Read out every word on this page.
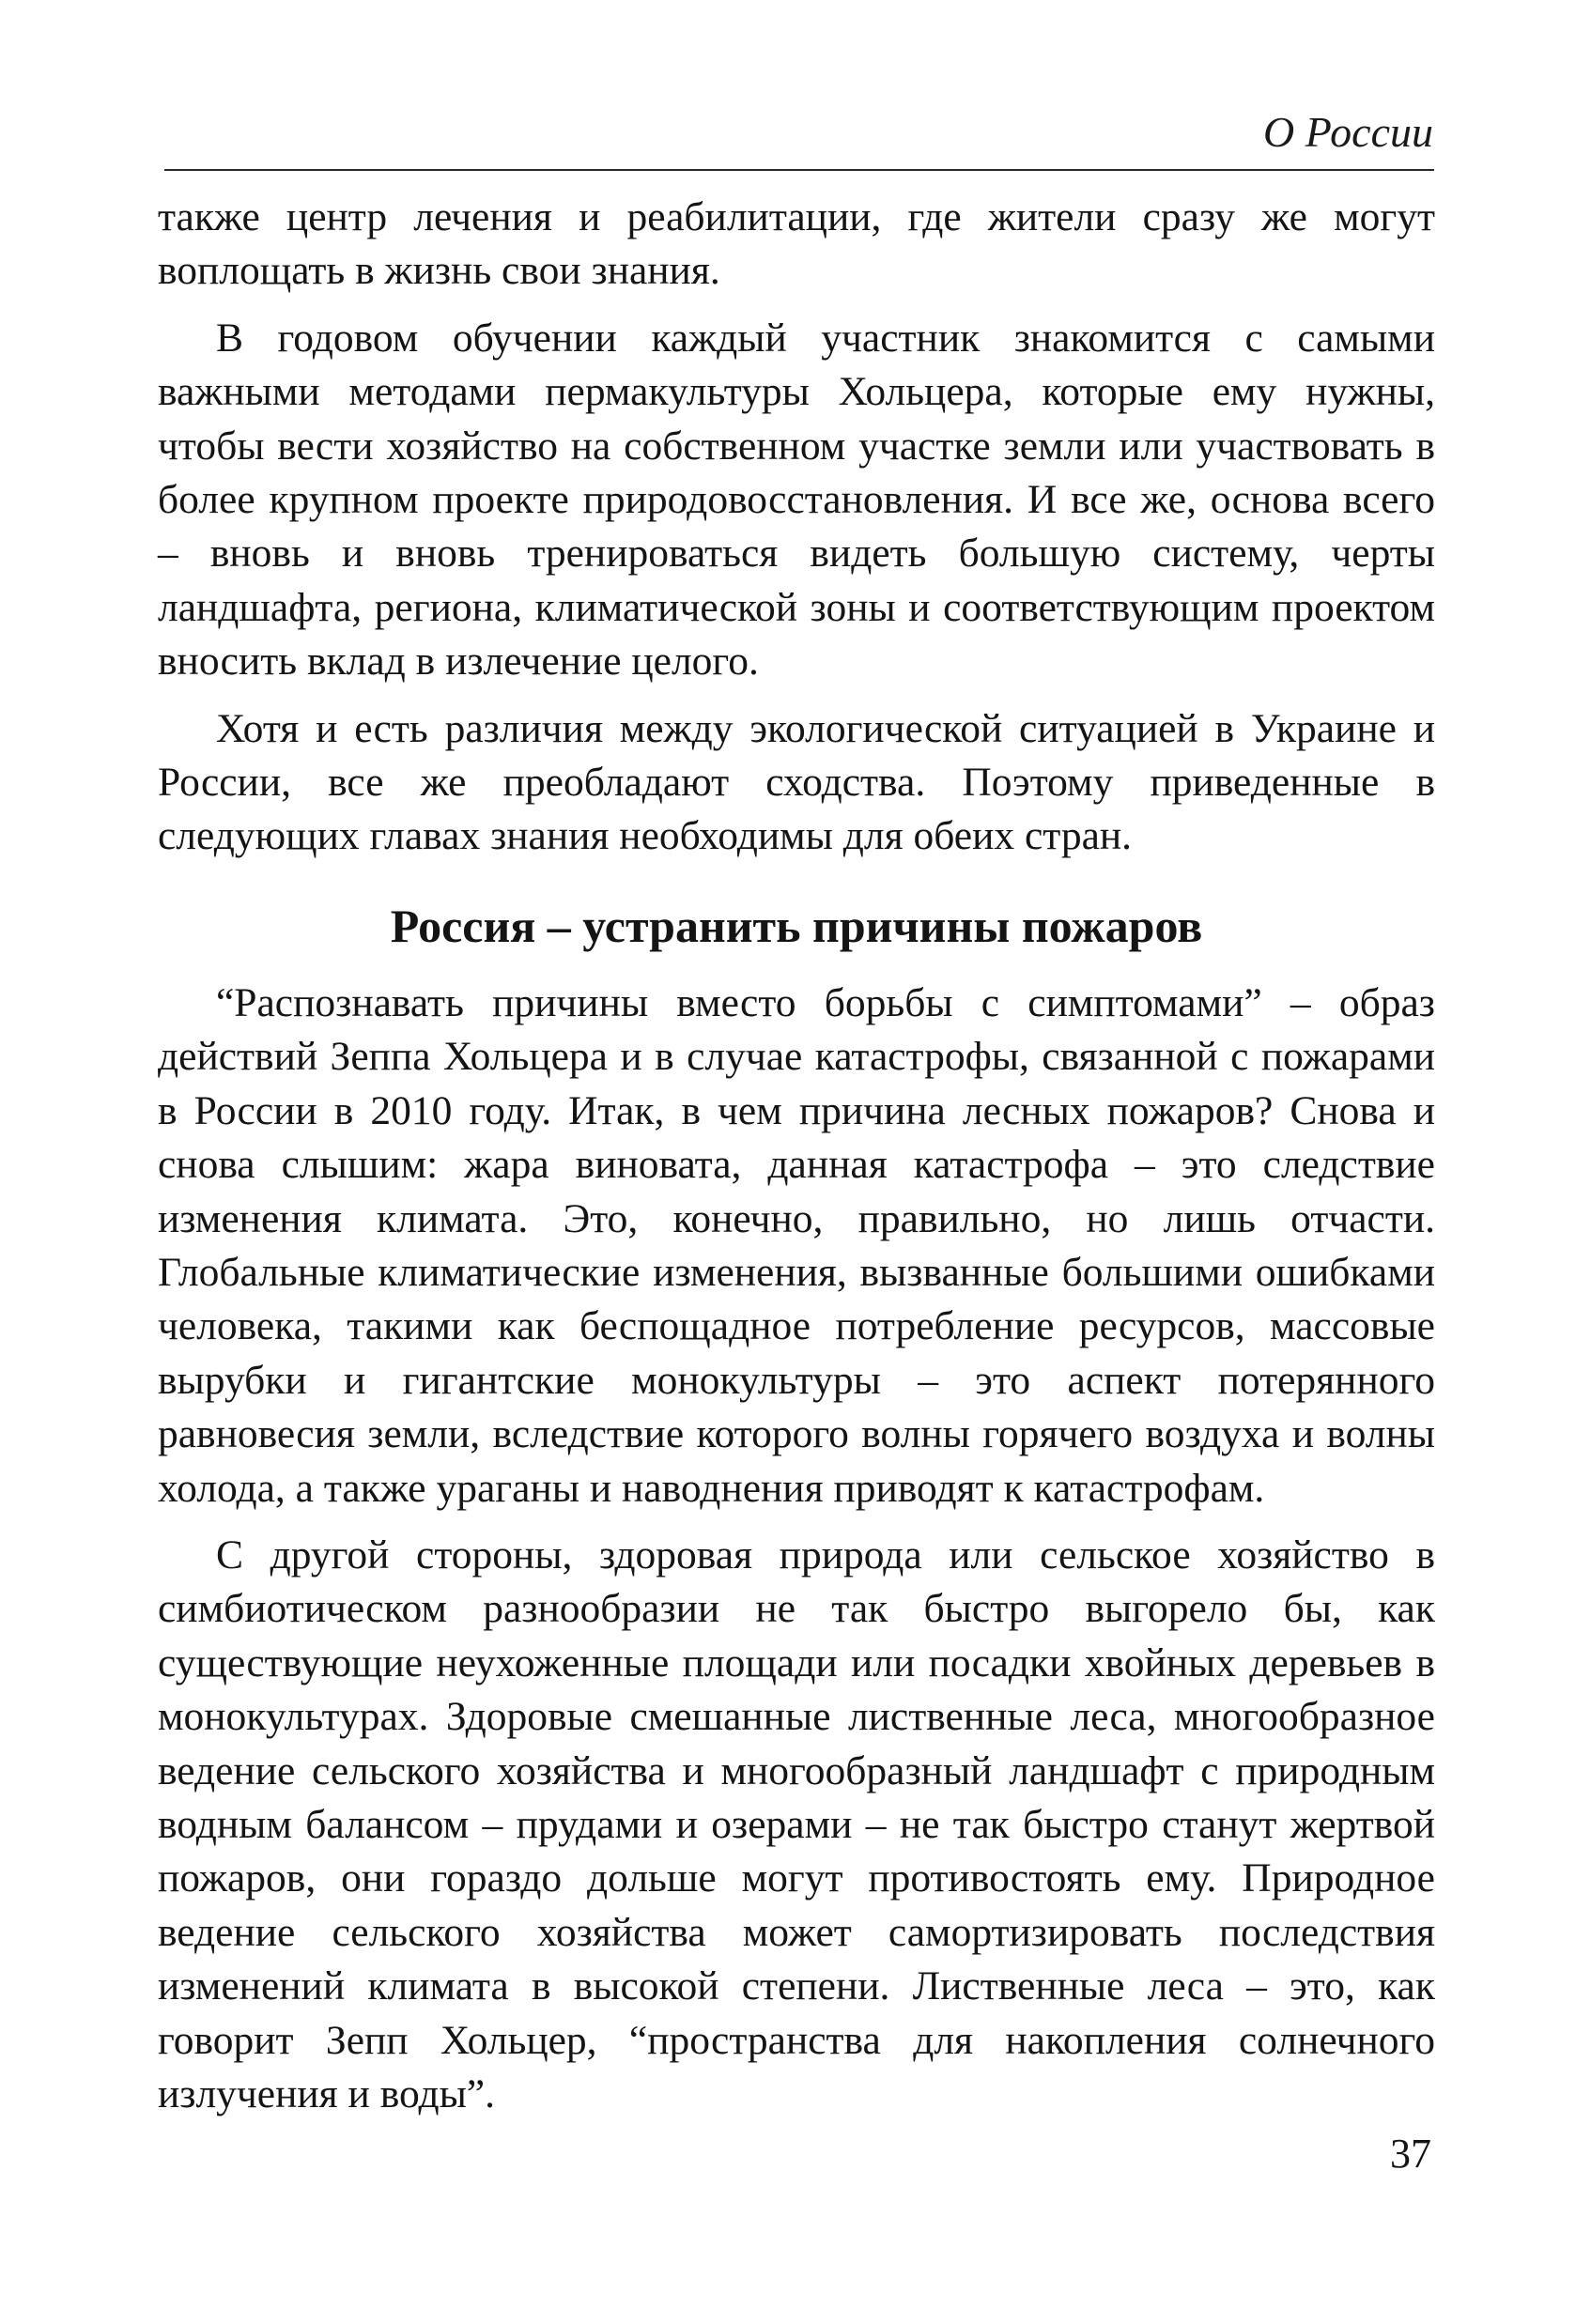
О России

также центр лечения и реабилитации, где жители сразу же могут воплощать в жизнь свои знания.

В годовом обучении каждый участник знакомится с самыми важными методами пермакультуры Хольцера, которые ему нужны, чтобы вести хозяйство на собственном участке земли или участвовать в более крупном проекте природовосстановления. И все же, основа всего – вновь и вновь тренироваться видеть большую систему, черты ландшафта, региона, климатической зоны и соответствующим проектом вносить вклад в излечение целого.

Хотя и есть различия между экологической ситуацией в Украине и России, все же преобладают сходства. Поэтому приведенные в следующих главах знания необходимы для обеих стран.

Россия – устранить причины пожаров

“Распознавать причины вместо борьбы с симптомами” – образ действий Зеппа Хольцера и в случае катастрофы, связанной с пожарами в России в 2010 году. Итак, в чем причина лесных пожаров? Снова и снова слышим: жара виновата, данная катастрофа – это следствие изменения климата. Это, конечно, правильно, но лишь отчасти. Глобальные климатические изменения, вызванные большими ошибками человека, такими как беспощадное потребление ресурсов, массовые вырубки и гигантские монокультуры – это аспект потерянного равновесия земли, вследствие которого волны горячего воздуха и волны холода, а также ураганы и наводнения приводят к катастрофам.

С другой стороны, здоровая природа или сельское хозяйство в симбиотическом разнообразии не так быстро выгорело бы, как существующие неухоженные площади или посадки хвойных деревьев в монокультурах. Здоровые смешанные лиственные леса, многообразное ведение сельского хозяйства и многообразный ландшафт с природным водным балансом – прудами и озерами – не так быстро станут жертвой пожаров, они гораздо дольше могут противостоять ему. Природное ведение сельского хозяйства может самортизировать последствия изменений климата в высокой степени. Лиственные леса – это, как говорит Зепп Хольцер, “пространства для накопления солнечного излучения и воды”.

37
